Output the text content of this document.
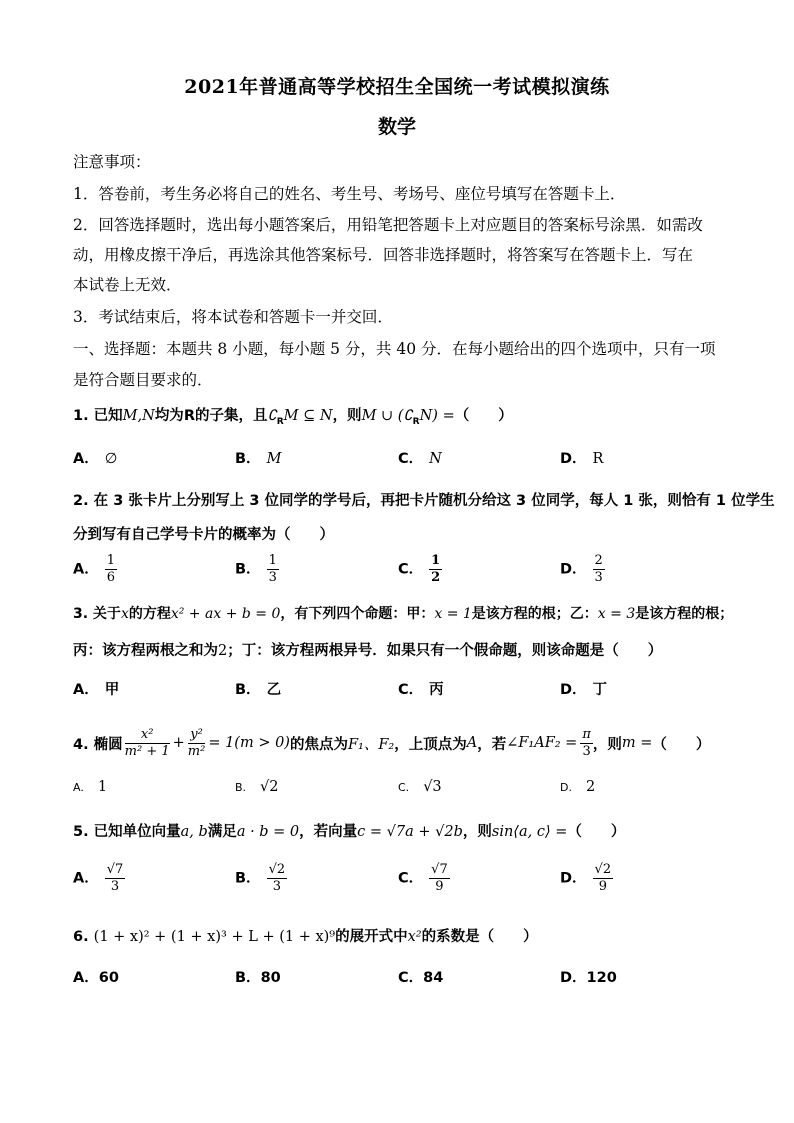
2021年普通高等学校招生全国统一考试模拟演练
数学
注意事项：
1．答卷前，考生务必将自己的姓名、考生号、考场号、座位号填写在答题卡上．
2．回答选择题时，选出每小题答案后，用铅笔把答题卡上对应题目的答案标号涂黑．如需改
动，用橡皮擦干净后，再选涂其他答案标号．回答非选择题时，将答案写在答题卡上．写在
本试卷上无效．
3．考试结束后，将本试卷和答题卡一并交回．
一、选择题：本题共 8 小题，每小题 5 分，共 40 分．在每小题给出的四个选项中，只有一项
是符合题目要求的．
1. 已知M,N均为R的子集，且$∁_RM$ ⊆ N，则M ∪ $(∁_RN)$ =（　　）
A． ∅	B． M	C． N	D． R
2. 在 3 张卡片上分别写上 3 位同学的学号后，再把卡片随机分给这 3 位同学，每人 1 张，则恰有 1 位学生
分到写有自己学号卡片的概率为（　　）
A． $\frac{1}{6}$	B． $\frac{1}{3}$	C． $\frac{1}{2}$	D． $\frac{2}{3}$
3. 关于x的方程x² + ax + b = 0，有下列四个命题：甲：x = 1是该方程的根；乙：x = 3是该方程的根；
丙：该方程两根之和为2；丁：该方程两根异号．如果只有一个假命题，则该命题是（　　）
A． 甲	B． 乙	C． 丙	D． 丁
4. 椭圆 $\frac{\text{x²}}{\text{m² + 1}} + \frac{\text{y²}}{\text{m²}} = 1(m > 0)$ 的焦点为 F₁、F₂ ，上顶点为 A ，若 ∠F₁AF₂ = $\frac{\pi}{3}$ ，则 m = （　　）
A. 1	B. √2	C. √3	D. 2
5. 已知单位向量a, b满足a · b = 0，若向量c = √7a + √2b，则sin⟨a, c⟩ =（　　）
A． $\frac{√7}{3}$	B． $\frac{√2}{3}$	C． $\frac{√7}{9}$	D． $\frac{√2}{9}$
6. (1 + x)² + (1 + x)³ + L + (1 + x)⁹的展开式中x²的系数是（　　）
A．60	B．80	C．84	D．120
